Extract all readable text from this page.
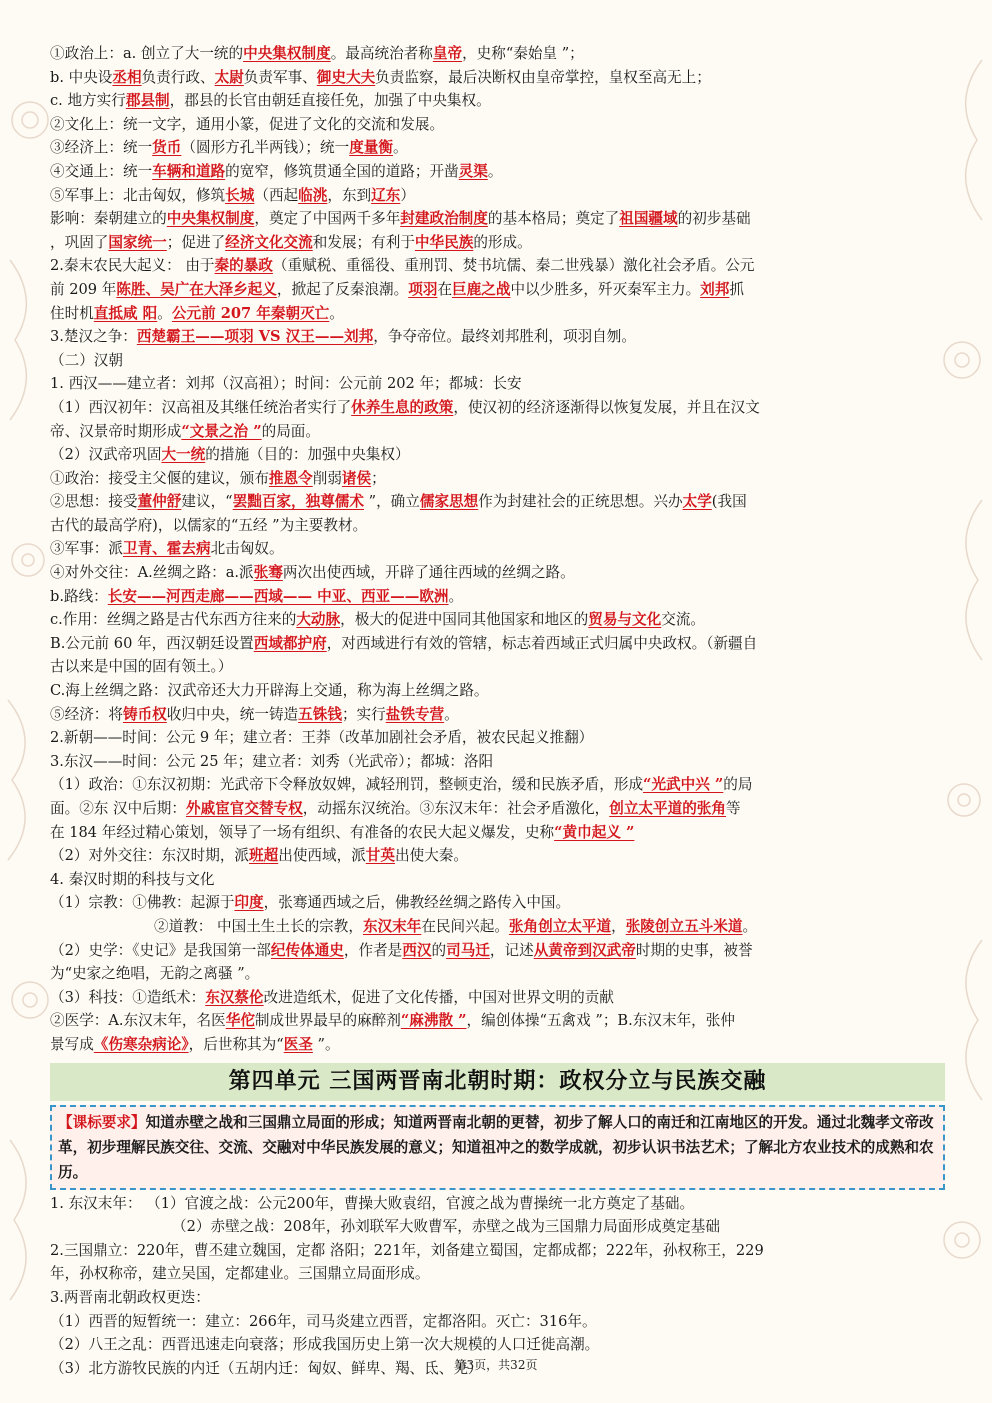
①政治上：a. 创立了大一统的中央集权制度。最高统治者称皇帝，史称“秦始皇 ”；
b. 中央设丞相负责行政、太尉负责军事、御史大夫负责监察，最后决断权由皇帝掌控，皇权至高无上；
c. 地方实行郡县制，郡县的长官由朝廷直接任免，加强了中央集权。
②文化上：统一文字，通用小篆，促进了文化的交流和发展。
③经济上：统一货币（圆形方孔半两钱）；统一度量衡。
④交通上：统一车辆和道路的宽窄，修筑贯通全国的道路；开凿灵渠。
⑤军事上：北击匈奴，修筑长城（西起临洮，东到辽东）
影响：秦朝建立的中央集权制度，奠定了中国两千多年封建政治制度的基本格局；奠定了祖国疆域的初步基础
，巩固了国家统一；促进了经济文化交流和发展；有利于中华民族的形成。
2.秦末农民大起义： 由于秦的暴政（重赋税、重徭役、重刑罚、焚书坑儒、秦二世残暴）激化社会矛盾。公元
前 209 年陈胜、吴广在大泽乡起义，掀起了反秦浪潮。项羽在巨鹿之战中以少胜多，歼灭秦军主力。刘邦抓
住时机直抵咸 阳。公元前 207 年秦朝灭亡。
3.楚汉之争：西楚霸王——项羽 VS 汉王——刘邦，争夺帝位。最终刘邦胜利，项羽自刎。
（二）汉朝
1. 西汉——建立者：刘邦（汉高祖）；时间：公元前 202 年；都城：长安
（1）西汉初年：汉高祖及其继任统治者实行了休养生息的政策，使汉初的经济逐渐得以恢复发展，并且在汉文
帝、汉景帝时期形成“文景之治 ”的局面。
（2）汉武帝巩固大一统的措施（目的：加强中央集权）
①政治：接受主父偃的建议，颁布推恩令削弱诸侯；
②思想：接受董仲舒建议，“罢黜百家，独尊儒术 ”，确立儒家思想作为封建社会的正统思想。兴办太学(我国
古代的最高学府)，以儒家的“五经 ”为主要教材。
③军事：派卫青、霍去病北击匈奴。
④对外交往：A.丝绸之路：a.派张骞两次出使西域，开辟了通往西域的丝绸之路。
b.路线：长安——河西走廊——西域—— 中亚、西亚——欧洲。
c.作用：丝绸之路是古代东西方往来的大动脉，极大的促进中国同其他国家和地区的贸易与文化交流。
B.公元前 60 年，西汉朝廷设置西域都护府，对西域进行有效的管辖，标志着西域正式归属中央政权。（新疆自
古以来是中国的固有领土。）
C.海上丝绸之路：汉武帝还大力开辟海上交通，称为海上丝绸之路。
⑤经济：将铸币权收归中央，统一铸造五铢钱；实行盐铁专营。
2.新朝——时间：公元 9 年；建立者：王莽（改革加剧社会矛盾，被农民起义推翻）
3.东汉——时间：公元 25 年；建立者：刘秀（光武帝）；都城：洛阳
（1）政治：①东汉初期：光武帝下令释放奴婢，减轻刑罚，整顿吏治，缓和民族矛盾，形成“光武中兴 ”的局
面。②东 汉中后期：外戚宦官交替专权，动摇东汉统治。③东汉末年：社会矛盾激化，创立太平道的张角等
在 184 年经过精心策划，领导了一场有组织、有准备的农民大起义爆发，史称“黄巾起义 ”
（2）对外交往：东汉时期，派班超出使西域，派甘英出使大秦。
4. 秦汉时期的科技与文化
（1）宗教：①佛教：起源于印度，张骞通西域之后，佛教经丝绸之路传入中国。
②道教： 中国土生土长的宗教，东汉末年在民间兴起。张角创立太平道，张陵创立五斗米道。
（2）史学：《史记》是我国第一部纪传体通史，作者是西汉的司马迁，记述从黄帝到汉武帝时期的史事，被誉
为“史家之绝唱，无韵之离骚 ”。
（3）科技：①造纸术：东汉蔡伦改进造纸术，促进了文化传播，中国对世界文明的贡献
②医学：A.东汉末年，名医华佗制成世界最早的麻醉剂“麻沸散 ”，编创体操“五禽戏 ”；B.东汉末年，张仲
景写成《伤寒杂病论》，后世称其为“医圣 ”。
第四单元 三国两晋南北朝时期：政权分立与民族交融
【课标要求】知道赤壁之战和三国鼎立局面的形成；知道两晋南北朝的更替，初步了解人口的南迁和江南地区的开发。通过北魏孝文帝改革，初步理解民族交往、交流、交融对中华民族发展的意义；知道祖冲之的数学成就，初步认识书法艺术；了解北方农业技术的成熟和农历。
1. 东汉末年： （1）官渡之战：公元200年，曹操大败袁绍，官渡之战为曹操统一北方奠定了基础。
（2）赤壁之战：208年，孙刘联军大败曹军，赤壁之战为三国鼎力局面形成奠定基础
2.三国鼎立：220年，曹丕建立魏国，定都 洛阳；221年，刘备建立蜀国，定都成都；222年，孙权称王，229
年，孙权称帝，建立吴国，定都建业。三国鼎立局面形成。
3.两晋南北朝政权更迭：
（1）西晋的短暂统一：建立：266年，司马炎建立西晋，定都洛阳。灭亡：316年。
（2）八王之乱：西晋迅速走向衰落；形成我国历史上第一次大规模的人口迁徙高潮。
（3）北方游牧民族的内迁（五胡内迁：匈奴、鲜卑、羯、氐、羌）
第3页，共32页
